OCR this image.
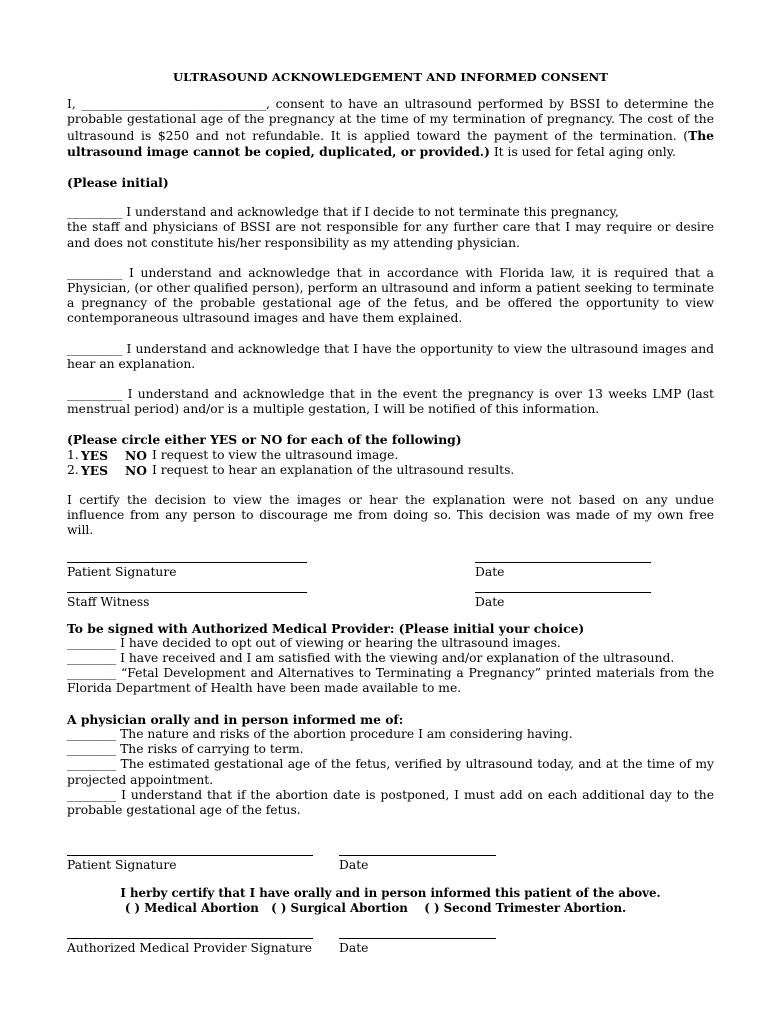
ULTRASOUND ACKNOWLEDGEMENT AND INFORMED CONSENT

I, ______________________________, consent to have an ultrasound performed by BSSI to determine the probable gestational age of the pregnancy at the time of my termination of pregnancy. The cost of the ultrasound is $250 and not refundable. It is applied toward the payment of the termination. (The ultrasound image cannot be copied, duplicated, or provided.) It is used for fetal aging only.

(Please initial)

_________ I understand and acknowledge that if I decide to not terminate this pregnancy,

the staff and physicians of BSSI are not responsible for any further care that I may require or desire and does not constitute his/her responsibility as my attending physician.

_________ I understand and acknowledge that in accordance with Florida law, it is required that a Physician, (or other qualified person), perform an ultrasound and inform a patient seeking to terminate a pregnancy of the probable gestational age of the fetus, and be offered the opportunity to view contemporaneous ultrasound images and have them explained.

_________ I understand and acknowledge that I have the opportunity to view the ultrasound images and hear an explanation.

_________ I understand and acknowledge that in the event the pregnancy is over 13 weeks LMP (last menstrual period) and/or is a multiple gestation, I will be notified of this information.

(Please circle either YES or NO for each of the following)

1. YES	NO I request to view the ultrasound image.
2. YES	NO I request to hear an explanation of the ultrasound results.

I certify the decision to view the images or hear the explanation were not based on any undue influence from any person to discourage me from doing so. This decision was made of my own free will.

Patient Signature	Date
Staff Witness	Date

To be signed with Authorized Medical Provider: (Please initial your choice)

________ I have decided to opt out of viewing or hearing the ultrasound images.

________ I have received and I am satisfied with the viewing and/or explanation of the ultrasound.

________ “Fetal Development and Alternatives to Terminating a Pregnancy” printed materials from the Florida Department of Health have been made available to me.

A physician orally and in person informed me of:

________ The nature and risks of the abortion procedure I am considering having.

________ The risks of carrying to term.

________ The estimated gestational age of the fetus, verified by ultrasound today, and at the time of my projected appointment.

________ I understand that if the abortion date is postponed, I must add on each additional day to the probable gestational age of the fetus.

Patient Signature	Date

I herby certify that I have orally and in person informed this patient of the above.

( ) Medical Abortion   ( ) Surgical Abortion    ( ) Second Trimester Abortion.

Authorized Medical Provider Signature Date
